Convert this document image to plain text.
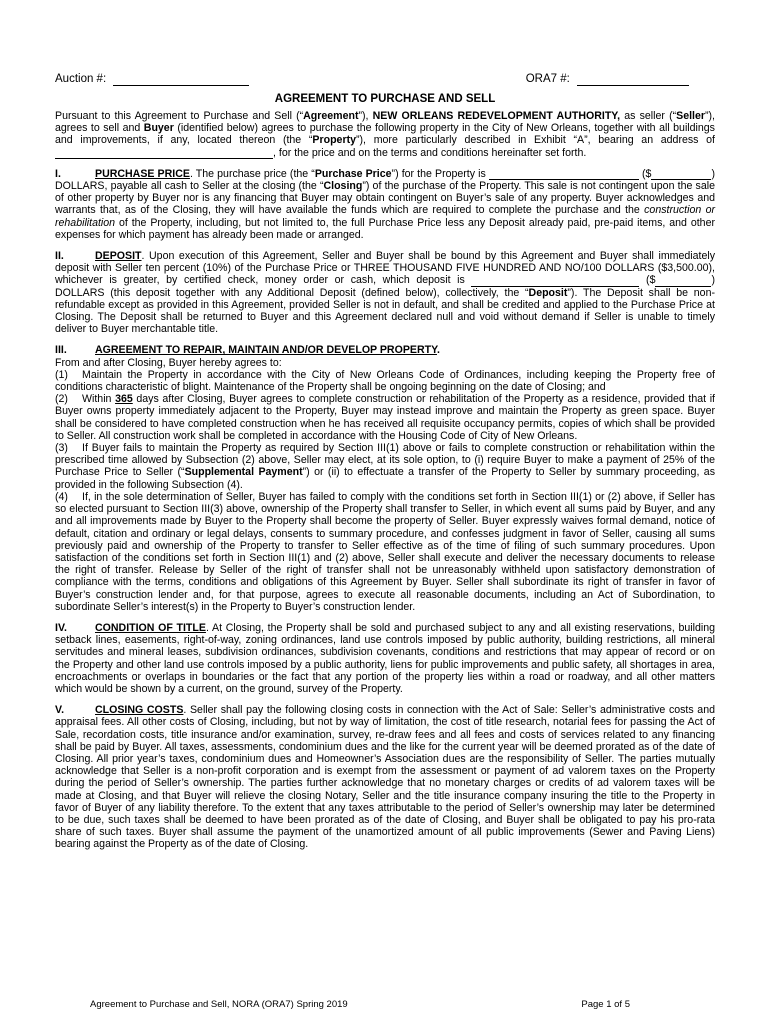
Auction #:	ORA7 #:
AGREEMENT TO PURCHASE AND SELL

Pursuant to this Agreement to Purchase and Sell (“Agreement”), NEW ORLEANS REDEVELOPMENT AUTHORITY, as seller (“Seller”), agrees to sell and Buyer (identified below) agrees to purchase the following property in the City of New Orleans, together with all buildings and improvements, if any, located thereon (the “Property”), more particularly described in Exhibit “A”, bearing an address of , for the price and on the terms and conditions hereinafter set forth.

I.	PURCHASE PRICE. The purchase price (the “Purchase Price”) for the Property is	($	) DOLLARS, payable all cash to Seller at the closing (the “Closing”) of the purchase of the Property. This sale is not contingent upon the sale of other property by Buyer nor is any financing that Buyer may obtain contingent on Buyer’s sale of any property. Buyer acknowledges and warrants that, as of the Closing, they will have available the funds which are required to complete the purchase and the construction or rehabilitation of the Property, including, but not limited to, the full Purchase Price less any Deposit already paid, pre-paid items, and other expenses for which payment has already been made or arranged.

II.	DEPOSIT. Upon execution of this Agreement, Seller and Buyer shall be bound by this Agreement and Buyer shall immediately deposit with Seller ten percent (10%) of the Purchase Price or THREE THOUSAND FIVE HUNDRED AND NO/100 DOLLARS ($3,500.00), whichever is greater, by certified check, money order or cash, which deposit is	($	) DOLLARS (this deposit together with any Additional Deposit (defined below), collectively, the “Deposit”). The Deposit shall be non-refundable except as provided in this Agreement, provided Seller is not in default, and shall be credited and applied to the Purchase Price at Closing. The Deposit shall be returned to Buyer and this Agreement declared null and void without demand if Seller is unable to timely deliver to Buyer merchantable title.

III.	AGREEMENT TO REPAIR, MAINTAIN AND/OR DEVELOP PROPERTY.

From and after Closing, Buyer hereby agrees to:

(1) Maintain the Property in accordance with the City of New Orleans Code of Ordinances, including keeping the Property free of conditions characteristic of blight. Maintenance of the Property shall be ongoing beginning on the date of Closing; and

(2) Within 365 days after Closing, Buyer agrees to complete construction or rehabilitation of the Property as a residence, provided that if Buyer owns property immediately adjacent to the Property, Buyer may instead improve and maintain the Property as green space. Buyer shall be considered to have completed construction when he has received all requisite occupancy permits, copies of which shall be provided to Seller. All construction work shall be completed in accordance with the Housing Code of City of New Orleans.

(3) If Buyer fails to maintain the Property as required by Section III(1) above or fails to complete construction or rehabilitation within the prescribed time allowed by Subsection (2) above, Seller may elect, at its sole option, to (i) require Buyer to make a payment of 25% of the Purchase Price to Seller (“Supplemental Payment”) or (ii) to effectuate a transfer of the Property to Seller by summary proceeding, as provided in the following Subsection (4).

(4) If, in the sole determination of Seller, Buyer has failed to comply with the conditions set forth in Section III(1) or (2) above, if Seller has so elected pursuant to Section III(3) above, ownership of the Property shall transfer to Seller, in which event all sums paid by Buyer, and any and all improvements made by Buyer to the Property shall become the property of Seller. Buyer expressly waives formal demand, notice of default, citation and ordinary or legal delays, consents to summary procedure, and confesses judgment in favor of Seller, causing all sums previously paid and ownership of the Property to transfer to Seller effective as of the time of filing of such summary procedures. Upon satisfaction of the conditions set forth in Section III(1) and (2) above, Seller shall execute and deliver the necessary documents to release the right of transfer. Release by Seller of the right of transfer shall not be unreasonably withheld upon satisfactory demonstration of compliance with the terms, conditions and obligations of this Agreement by Buyer. Seller shall subordinate its right of transfer in favor of Buyer’s construction lender and, for that purpose, agrees to execute all reasonable documents, including an Act of Subordination, to subordinate Seller’s interest(s) in the Property to Buyer’s construction lender.

IV.	CONDITION OF TITLE. At Closing, the Property shall be sold and purchased subject to any and all existing reservations, building setback lines, easements, right-of-way, zoning ordinances, land use controls imposed by public authority, building restrictions, all mineral servitudes and mineral leases, subdivision ordinances, subdivision covenants, conditions and restrictions that may appear of record or on the Property and other land use controls imposed by a public authority, liens for public improvements and public safety, all shortages in area, encroachments or overlaps in boundaries or the fact that any portion of the property lies within a road or roadway, and all other matters which would be shown by a current, on the ground, survey of the Property.

V.	CLOSING COSTS. Seller shall pay the following closing costs in connection with the Act of Sale: Seller’s administrative costs and appraisal fees. All other costs of Closing, including, but not by way of limitation, the cost of title research, notarial fees for passing the Act of Sale, recordation costs, title insurance and/or examination, survey, re-draw fees and all fees and costs of services related to any financing shall be paid by Buyer. All taxes, assessments, condominium dues and the like for the current year will be deemed prorated as of the date of Closing. All prior year’s taxes, condominium dues and Homeowner’s Association dues are the responsibility of Seller. The parties mutually acknowledge that Seller is a non-profit corporation and is exempt from the assessment or payment of ad valorem taxes on the Property during the period of Seller’s ownership. The parties further acknowledge that no monetary charges or credits of ad valorem taxes will be made at Closing, and that Buyer will relieve the closing Notary, Seller and the title insurance company insuring the title to the Property in favor of Buyer of any liability therefore. To the extent that any taxes attributable to the period of Seller’s ownership may later be determined to be due, such taxes shall be deemed to have been prorated as of the date of Closing, and Buyer shall be obligated to pay his pro-rata share of such taxes. Buyer shall assume the payment of the unamortized amount of all public improvements (Sewer and Paving Liens) bearing against the Property as of the date of Closing.

Agreement to Purchase and Sell, NORA (ORA7) Spring 2019	Page 1 of 5
